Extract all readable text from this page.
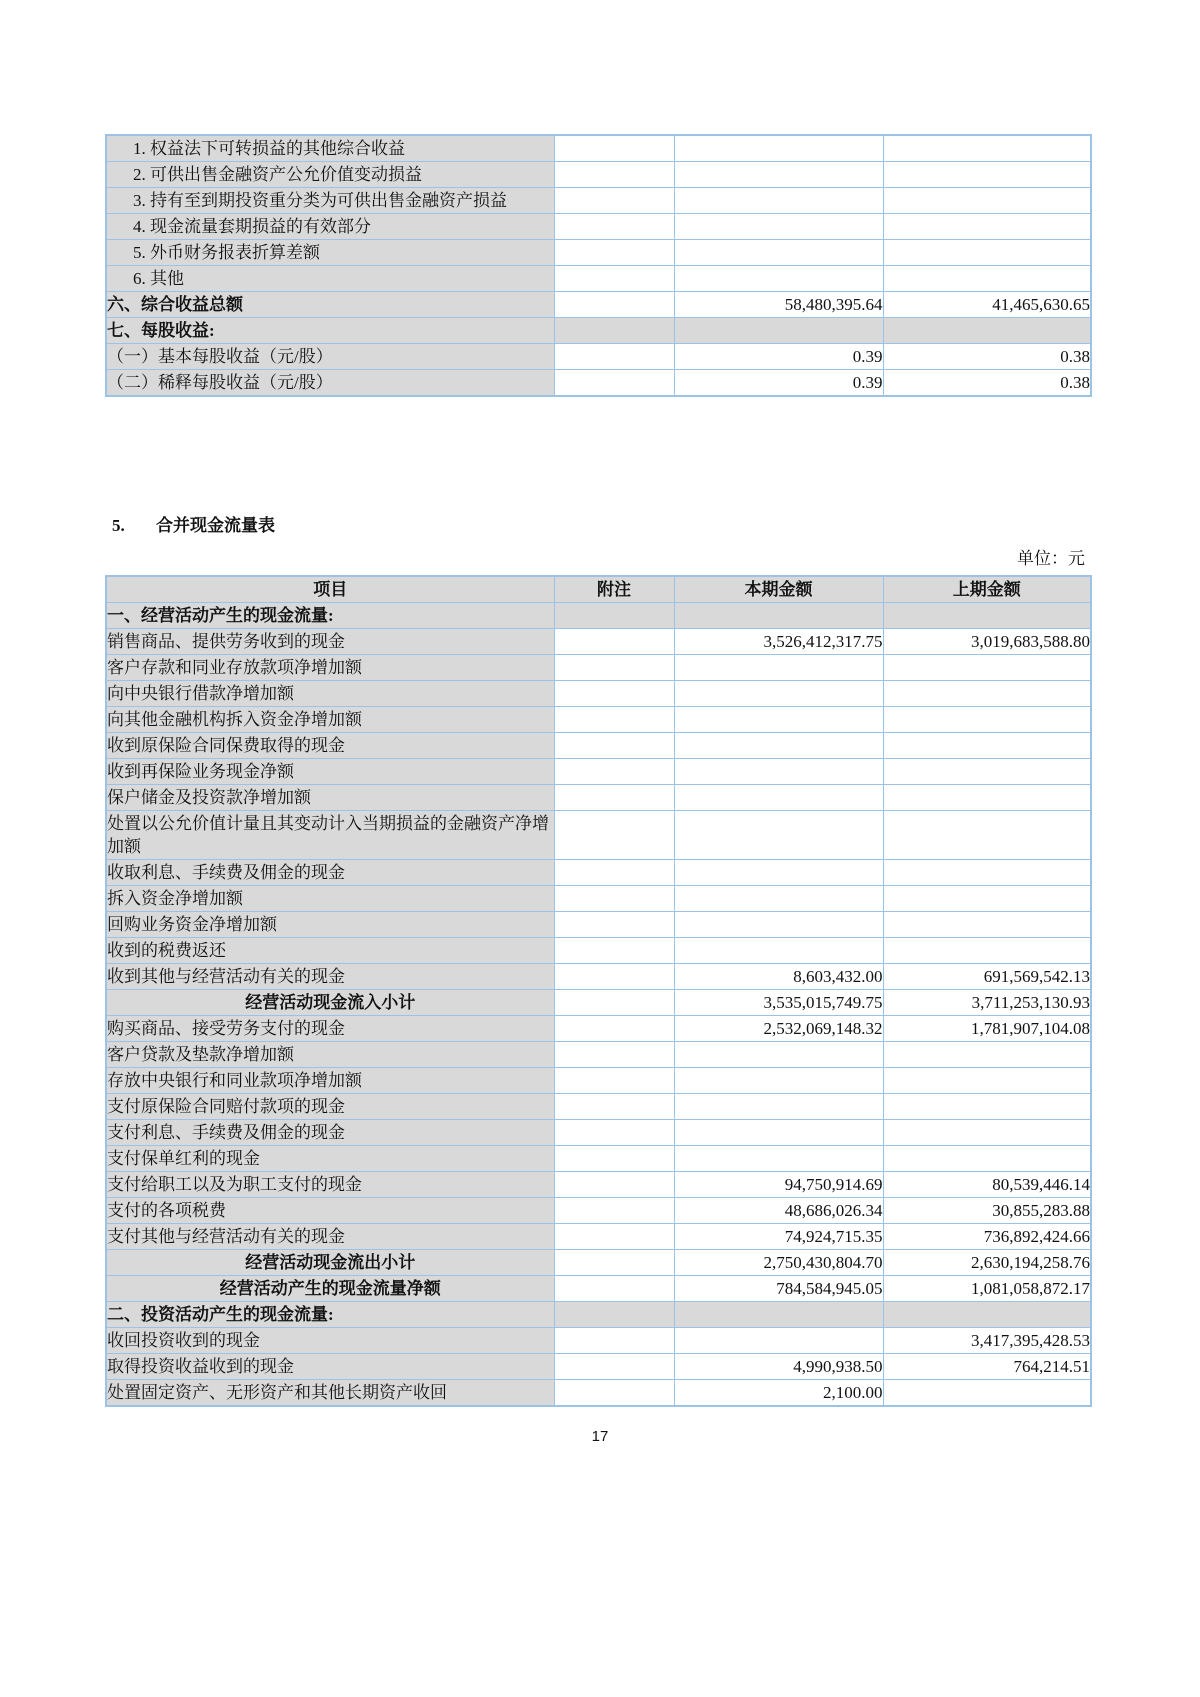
1. 权益法下可转损益的其他综合收益			
2. 可供出售金融资产公允价值变动损益			
3. 持有至到期投资重分类为可供出售金融资产损益			
4. 现金流量套期损益的有效部分			
5. 外币财务报表折算差额			
6. 其他			
六、综合收益总额		58,480,395.64	41,465,630.65
七、每股收益:			
（一）基本每股收益（元/股）		0.39	0.38
（二）稀释每股收益（元/股）		0.39	0.38
5. 合并现金流量表
单位：元
项目	附注	本期金额	上期金额
一、经营活动产生的现金流量:			
销售商品、提供劳务收到的现金		3,526,412,317.75	3,019,683,588.80
客户存款和同业存放款项净增加额			
向中央银行借款净增加额			
向其他金融机构拆入资金净增加额			
收到原保险合同保费取得的现金			
收到再保险业务现金净额			
保户储金及投资款净增加额			
处置以公允价值计量且其变动计入当期损益的金融资产净增加额			
收取利息、手续费及佣金的现金			
拆入资金净增加额			
回购业务资金净增加额			
收到的税费返还			
收到其他与经营活动有关的现金		8,603,432.00	691,569,542.13
经营活动现金流入小计		3,535,015,749.75	3,711,253,130.93
购买商品、接受劳务支付的现金		2,532,069,148.32	1,781,907,104.08
客户贷款及垫款净增加额			
存放中央银行和同业款项净增加额			
支付原保险合同赔付款项的现金			
支付利息、手续费及佣金的现金			
支付保单红利的现金			
支付给职工以及为职工支付的现金		94,750,914.69	80,539,446.14
支付的各项税费		48,686,026.34	30,855,283.88
支付其他与经营活动有关的现金		74,924,715.35	736,892,424.66
经营活动现金流出小计		2,750,430,804.70	2,630,194,258.76
经营活动产生的现金流量净额		784,584,945.05	1,081,058,872.17
二、投资活动产生的现金流量:			
收回投资收到的现金			3,417,395,428.53
取得投资收益收到的现金		4,990,938.50	764,214.51
处置固定资产、无形资产和其他长期资产收回		2,100.00	
17
